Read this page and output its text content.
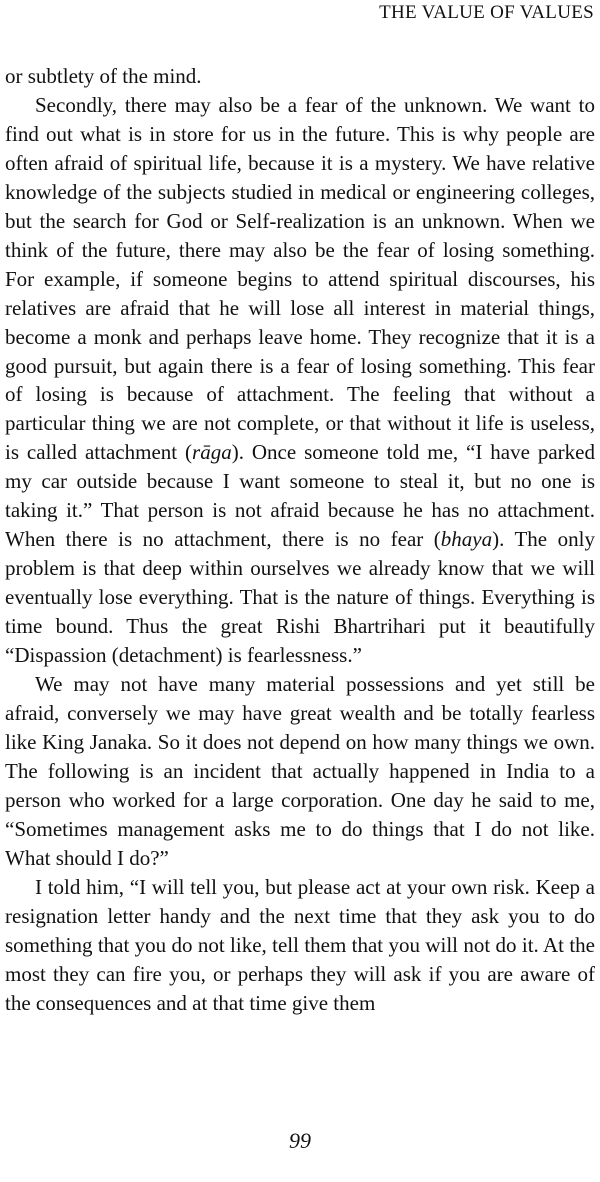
THE VALUE OF VALUES

or subtlety of the mind.

Secondly, there may also be a fear of the unknown. We want to find out what is in store for us in the future. This is why people are often afraid of spiritual life, because it is a mystery. We have relative knowledge of the subjects studied in medical or engineering colleges, but the search for God or Self-realization is an unknown. When we think of the future, there may also be the fear of losing something. For example, if someone begins to attend spiritual discourses, his relatives are afraid that he will lose all interest in material things, become a monk and perhaps leave home. They recognize that it is a good pursuit, but again there is a fear of losing something. This fear of losing is because of attachment. The feeling that without a particular thing we are not complete, or that without it life is useless, is called attachment (rāga). Once someone told me, “I have parked my car outside because I want someone to steal it, but no one is taking it.” That person is not afraid because he has no attachment. When there is no attachment, there is no fear (bhaya). The only problem is that deep within ourselves we already know that we will eventually lose everything. That is the nature of things. Everything is time bound. Thus the great Rishi Bhartrihari put it beautifully “Dispassion (detachment) is fearlessness.”

We may not have many material possessions and yet still be afraid, conversely we may have great wealth and be totally fearless like King Janaka. So it does not depend on how many things we own. The following is an incident that actually happened in India to a person who worked for a large corporation. One day he said to me, “Sometimes management asks me to do things that I do not like. What should I do?”

I told him, “I will tell you, but please act at your own risk. Keep a resignation letter handy and the next time that they ask you to do something that you do not like, tell them that you will not do it. At the most they can fire you, or perhaps they will ask if you are aware of the consequences and at that time give them

99
